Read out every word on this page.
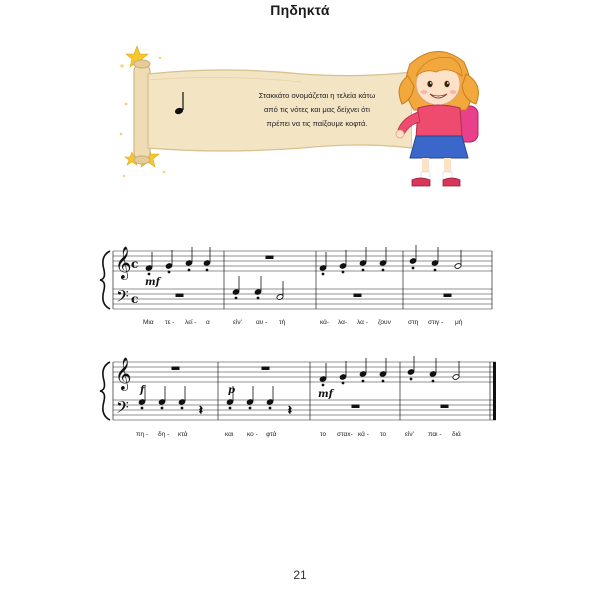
Πηδηκτά
Στακκάτο ονομάζεται η τελεία κάτω
από τις νότες και μας δείχνει ότι
πρέπει να τις παίξουμε κοφτά.
𝄞
𝄢
c
c
mf
Μια τε - λεί - α	είν' αυ - τή	κά- λα- λα - ζουν	στη στιγ - μή
𝄞
𝄢
f	p	mf
𝄽	𝄽
πη - δη - κτά	και κο - φτά	το σταx- κά - το	είν' παι - διά
21
